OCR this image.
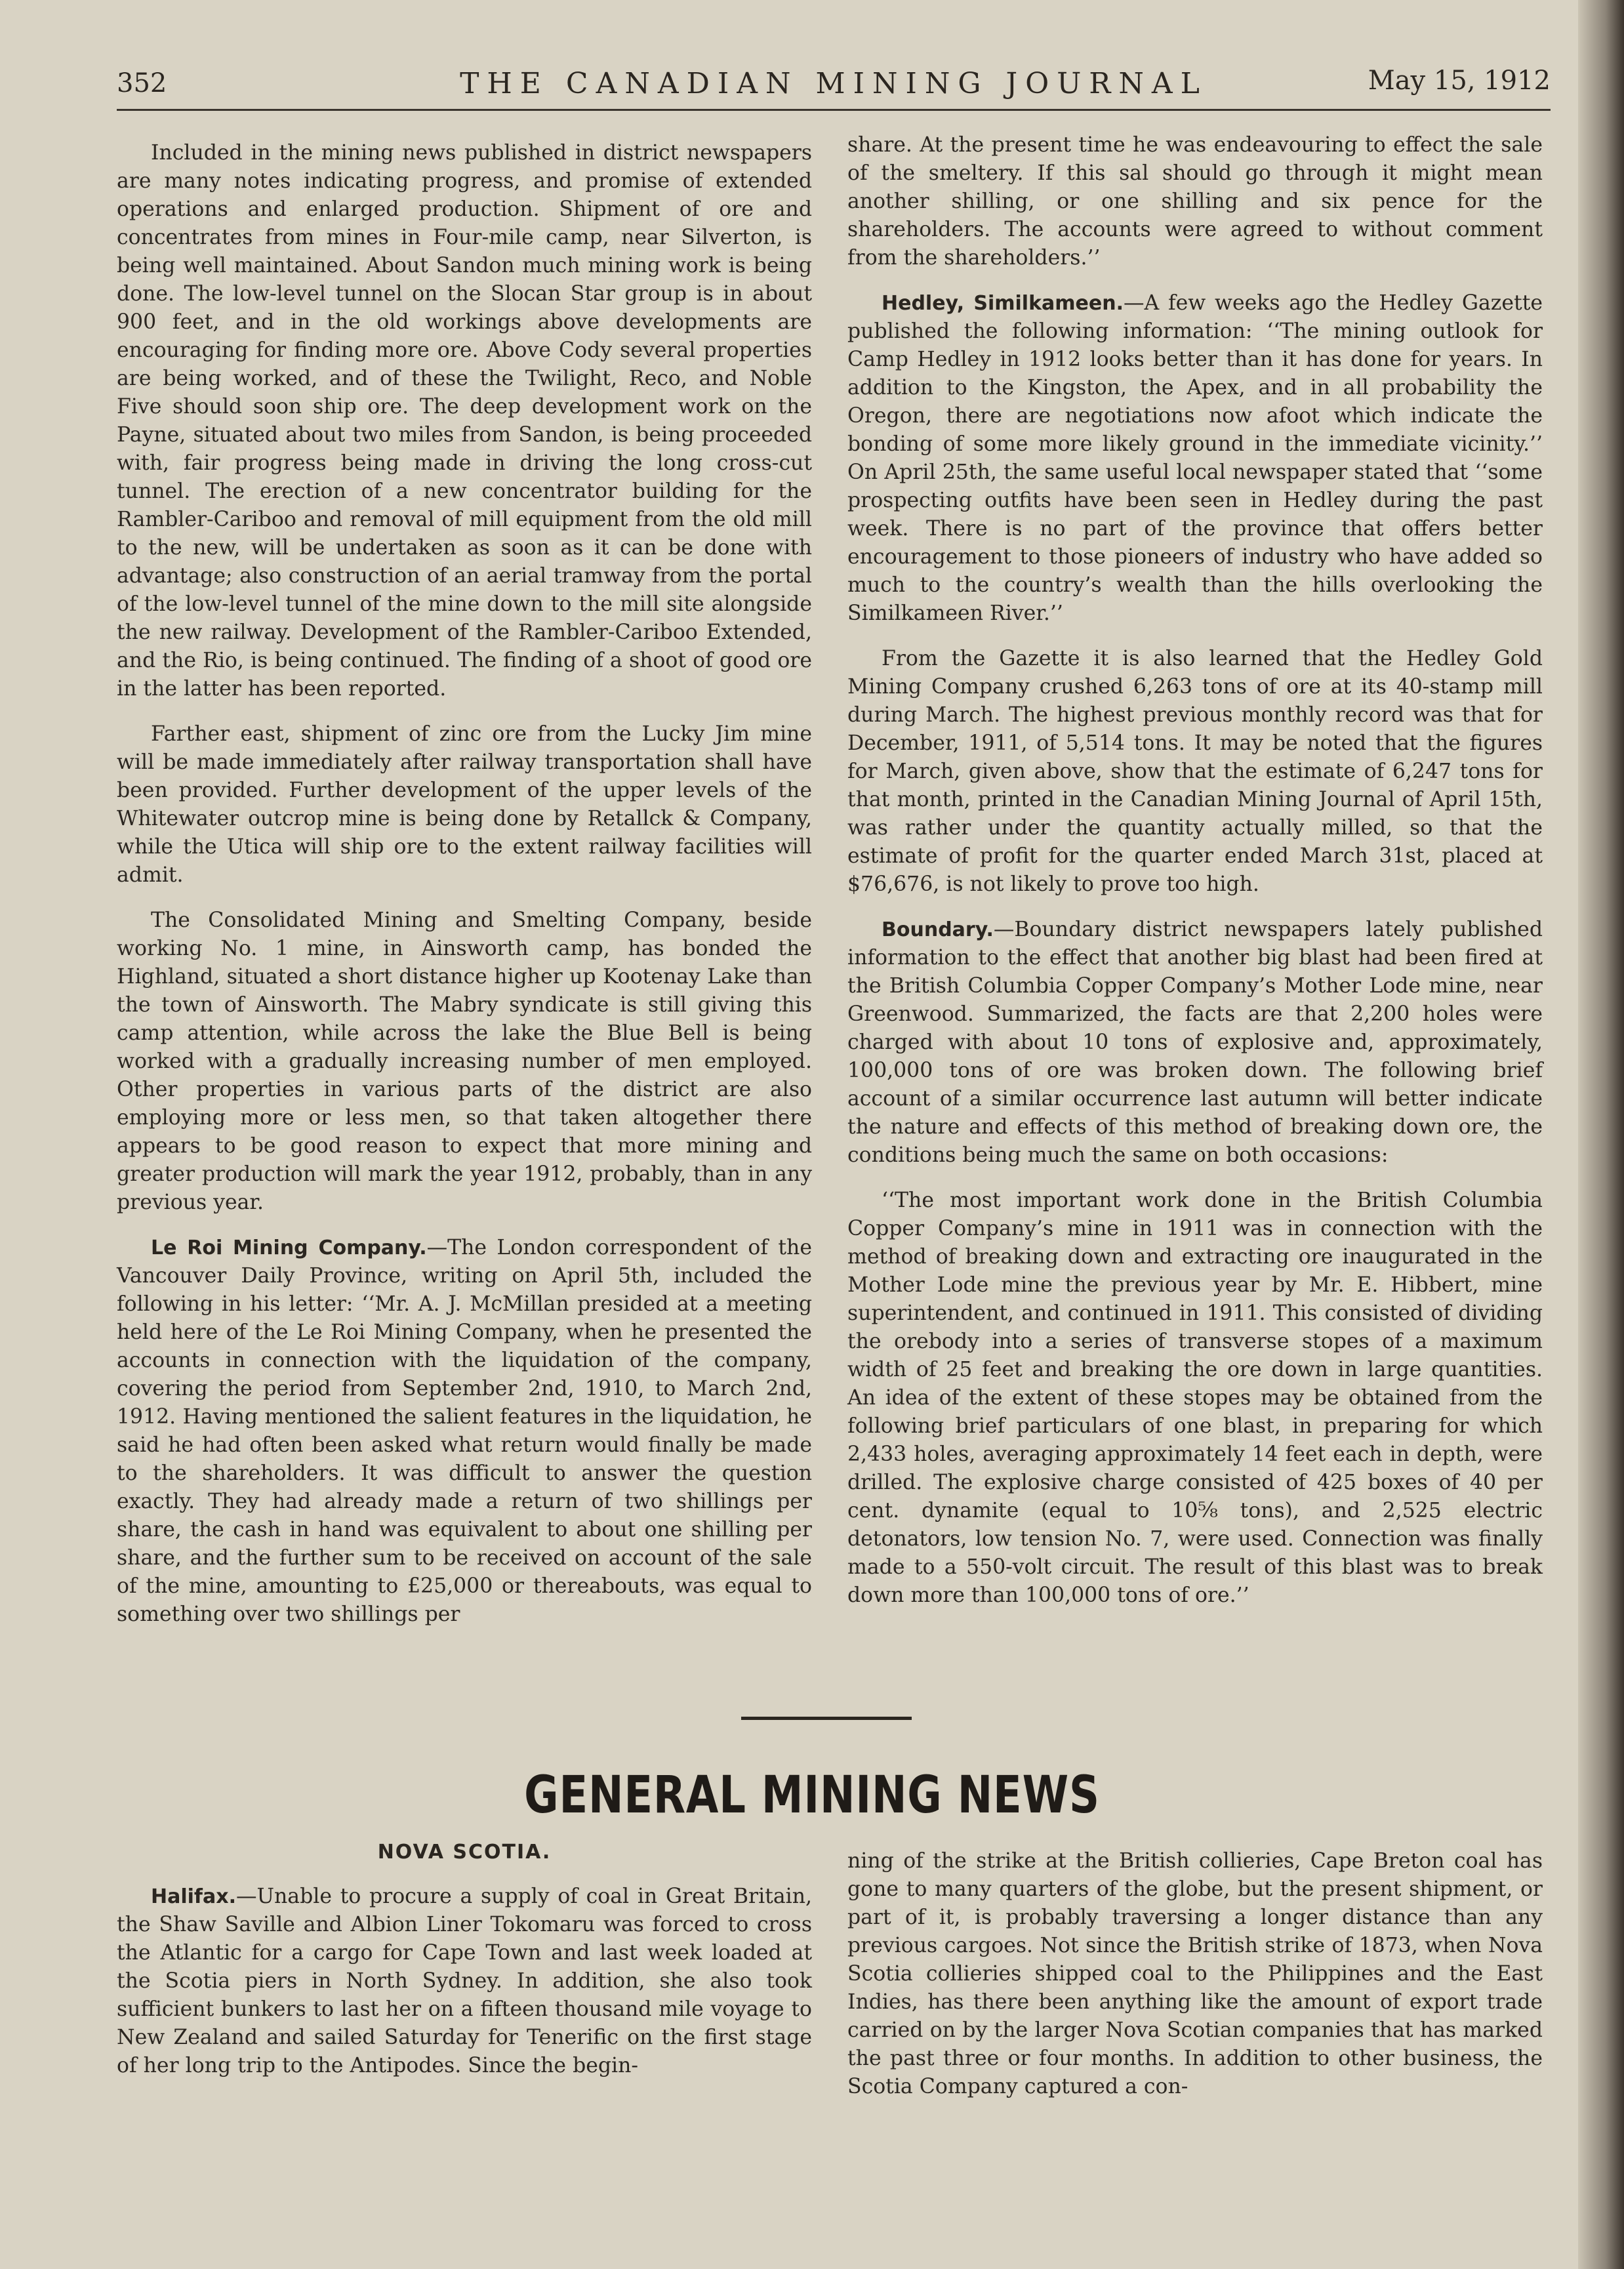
352	THE CANADIAN MINING JOURNAL	May 15, 1912

Included in the mining news published in district newspapers are many notes indicating progress, and promise of extended operations and enlarged production. Shipment of ore and concentrates from mines in Four-mile camp, near Silverton, is being well maintained. About Sandon much mining work is being done. The low-level tunnel on the Slocan Star group is in about 900 feet, and in the old workings above developments are encouraging for finding more ore. Above Cody several properties are being worked, and of these the Twilight, Reco, and Noble Five should soon ship ore. The deep development work on the Payne, situated about two miles from Sandon, is being proceeded with, fair progress being made in driving the long cross-cut tunnel. The erection of a new concentrator building for the Rambler-Cariboo and removal of mill equipment from the old mill to the new, will be undertaken as soon as it can be done with advantage; also construction of an aerial tramway from the portal of the low-level tunnel of the mine down to the mill site alongside the new railway. Development of the Rambler-Cariboo Extended, and the Rio, is being continued. The finding of a shoot of good ore in the latter has been reported.

Farther east, shipment of zinc ore from the Lucky Jim mine will be made immediately after railway transportation shall have been provided. Further development of the upper levels of the Whitewater outcrop mine is being done by Retallck & Company, while the Utica will ship ore to the extent railway facilities will admit.

The Consolidated Mining and Smelting Company, beside working No. 1 mine, in Ainsworth camp, has bonded the Highland, situated a short distance higher up Kootenay Lake than the town of Ainsworth. The Mabry syndicate is still giving this camp attention, while across the lake the Blue Bell is being worked with a gradually increasing number of men employed. Other properties in various parts of the district are also employing more or less men, so that taken altogether there appears to be good reason to expect that more mining and greater production will mark the year 1912, probably, than in any previous year.

Le Roi Mining Company.—The London correspondent of the Vancouver Daily Province, writing on April 5th, included the following in his letter: ‘‘Mr. A. J. McMillan presided at a meeting held here of the Le Roi Mining Company, when he presented the accounts in connection with the liquidation of the company, covering the period from September 2nd, 1910, to March 2nd, 1912. Having mentioned the salient features in the liquidation, he said he had often been asked what return would finally be made to the shareholders. It was difficult to answer the question exactly. They had already made a return of two shillings per share, the cash in hand was equivalent to about one shilling per share, and the further sum to be received on account of the sale of the mine, amounting to £25,000 or thereabouts, was equal to something over two shillings per

share. At the present time he was endeavouring to effect the sale of the smeltery. If this sal should go through it might mean another shilling, or one shilling and six pence for the shareholders. The accounts were agreed to without comment from the shareholders.’’

Hedley, Similkameen.—A few weeks ago the Hedley Gazette published the following information: ‘‘The mining outlook for Camp Hedley in 1912 looks better than it has done for years. In addition to the Kingston, the Apex, and in all probability the Oregon, there are negotiations now afoot which indicate the bonding of some more likely ground in the immediate vicinity.’’ On April 25th, the same useful local newspaper stated that ‘‘some prospecting outfits have been seen in Hedley during the past week. There is no part of the province that offers better encouragement to those pioneers of industry who have added so much to the country’s wealth than the hills overlooking the Similkameen River.’’

From the Gazette it is also learned that the Hedley Gold Mining Company crushed 6,263 tons of ore at its 40-stamp mill during March. The highest previous monthly record was that for December, 1911, of 5,514 tons. It may be noted that the figures for March, given above, show that the estimate of 6,247 tons for that month, printed in the Canadian Mining Journal of April 15th, was rather under the quantity actually milled, so that the estimate of profit for the quarter ended March 31st, placed at $76,676, is not likely to prove too high.

Boundary.—Boundary district newspapers lately published information to the effect that another big blast had been fired at the British Columbia Copper Company’s Mother Lode mine, near Greenwood. Summarized, the facts are that 2,200 holes were charged with about 10 tons of explosive and, approximately, 100,000 tons of ore was broken down. The following brief account of a similar occurrence last autumn will better indicate the nature and effects of this method of breaking down ore, the conditions being much the same on both occasions:

‘‘The most important work done in the British Columbia Copper Company’s mine in 1911 was in connection with the method of breaking down and extracting ore inaugurated in the Mother Lode mine the previous year by Mr. E. Hibbert, mine superintendent, and continued in 1911. This consisted of dividing the orebody into a series of transverse stopes of a maximum width of 25 feet and breaking the ore down in large quantities. An idea of the extent of these stopes may be obtained from the following brief particulars of one blast, in preparing for which 2,433 holes, averaging approximately 14 feet each in depth, were drilled. The explosive charge consisted of 425 boxes of 40 per cent. dynamite (equal to 10⅝ tons), and 2,525 electric detonators, low tension No. 7, were used. Connection was finally made to a 550-volt circuit. The result of this blast was to break down more than 100,000 tons of ore.’’

GENERAL MINING NEWS
NOVA SCOTIA.

Halifax.—Unable to procure a supply of coal in Great Britain, the Shaw Saville and Albion Liner Tokomaru was forced to cross the Atlantic for a cargo for Cape Town and last week loaded at the Scotia piers in North Sydney. In addition, she also took sufficient bunkers to last her on a fifteen thousand mile voyage to New Zealand and sailed Saturday for Tenerific on the first stage of her long trip to the Antipodes. Since the begin-

ning of the strike at the British collieries, Cape Breton coal has gone to many quarters of the globe, but the present shipment, or part of it, is probably traversing a longer distance than any previous cargoes. Not since the British strike of 1873, when Nova Scotia collieries shipped coal to the Philippines and the East Indies, has there been anything like the amount of export trade carried on by the larger Nova Scotian companies that has marked the past three or four months. In addition to other business, the Scotia Company captured a con-
